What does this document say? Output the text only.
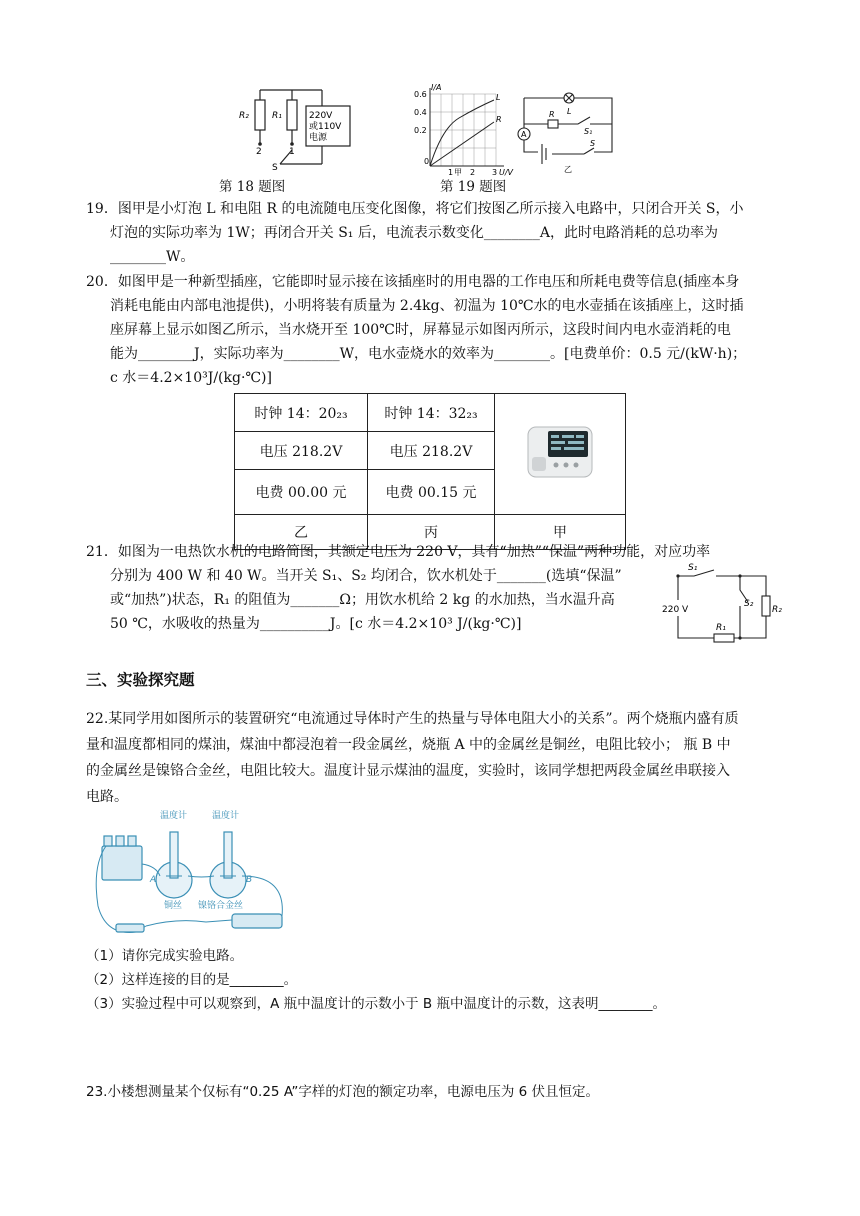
R₂	R₁	220V
或110V
电源
2	1
S
第 18 题图
I/A
0.6
0.4
0.2
0
1 2 3 U/V
L
R
甲
A
L
R
S₁
S
乙
第 19 题图
19．图甲是小灯泡 L 和电阻 R 的电流随电压变化图像，将它们按图乙所示接入电路中，只闭合开关 S，小
灯泡的实际功率为 1W；再闭合开关 S₁ 后，电流表示数变化________A，此时电路消耗的总功率为
________W。
20．如图甲是一种新型插座，它能即时显示接在该插座时的用电器的工作电压和所耗电费等信息(插座本身
消耗电能由内部电池提供)，小明将装有质量为 2.4kg、初温为 10℃水的电水壶插在该插座上，这时插
座屏幕上显示如图乙所示，当水烧开至 100℃时，屏幕显示如图丙所示，这段时间内电水壶消耗的电
能为________J，实际功率为________W，电水壶烧水的效率为________。[电费单价：0.5 元/(kW·h)；
c 水＝4.2×10³J/(kg·℃)]
时钟 14：20₂₃	时钟 14：32₂₃	
电压 218.2V	电压 218.2V	
电费 00.00 元	电费 00.15 元	
乙	丙	甲
21．如图为一电热饮水机的电路简图，其额定电压为 220 V，具有“加热”“保温”两种功能，对应功率
分别为 400 W 和 40 W。当开关 S₁、S₂ 均闭合，饮水机处于_______(选填“保温”
或“加热”)状态，R₁ 的阻值为_______Ω；用饮水机给 2 kg 的水加热，当水温升高
50 ℃，水吸收的热量为__________J。[c 水＝4.2×10³ J/(kg·℃)]
S₁
S₂
R₂
R₁
220 V
三、实验探究题
22.某同学用如图所示的装置研究“电流通过导体时产生的热量与导体电阻大小的关系”。两个烧瓶内盛有质
量和温度都相同的煤油，煤油中都浸泡着一段金属丝，烧瓶 A 中的金属丝是铜丝，电阻比较小； 瓶 B 中
的金属丝是镍铬合金丝，电阻比较大。温度计显示煤油的温度，实验时，该同学想把两段金属丝串联接入
电路。
温度计	温度计
A	B
铜丝 镍铬合金丝
（1）请你完成实验电路。
（2）这样连接的目的是________。
（3）实验过程中可以观察到，A 瓶中温度计的示数小于 B 瓶中温度计的示数，这表明________。
23.小楼想测量某个仅标有“0.25 A”字样的灯泡的额定功率，电源电压为 6 伏且恒定。
